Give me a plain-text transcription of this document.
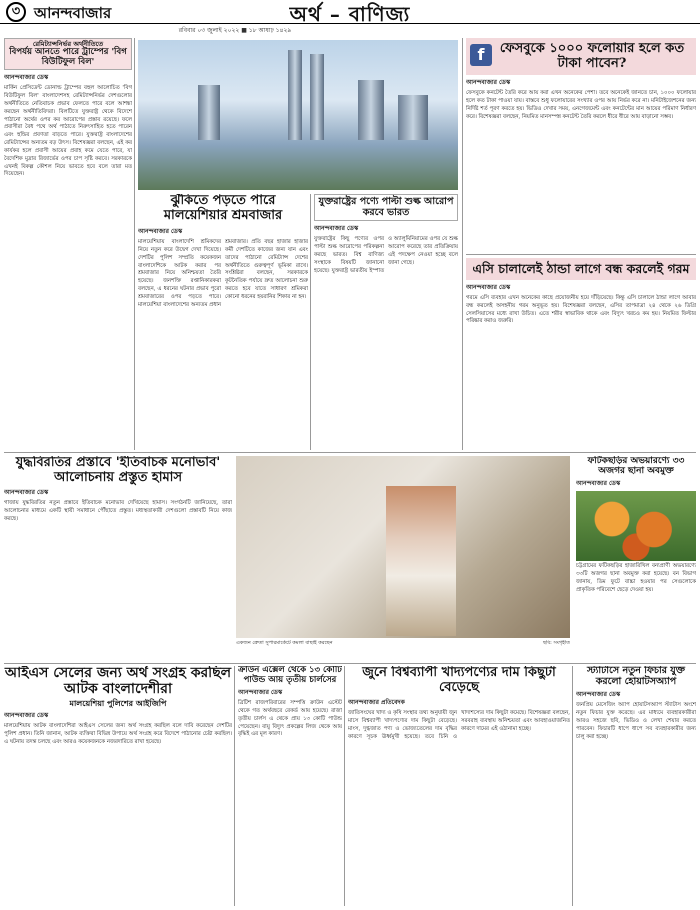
৩ আনন্দবাজার	অর্থ – বাণিজ্য
রবিবার ০৩ জুলাই ২০২২ ■ ১৮ আষাঢ় ১৪২৯
রেমিট্যান্সনির্ভর অর্থনীতিতে
বিপর্যয় আনতে পারে ট্রাম্পের 'বিগ বিউটিফুল বিল'
আনন্দবাজার ডেস্ক
মার্কিন প্রেসিডেন্ট ডোনাল্ড ট্রাম্পের বহুল আলোচিত 'বিগ বিউটিফুল বিল' বাংলাদেশসহ রেমিট্যান্সনির্ভর দেশগুলোর অর্থনীতিতে নেতিবাচক প্রভাব ফেলতে পারে বলে আশঙ্কা করছেন অর্থনীতিবিদরা। বিলটিতে যুক্তরাষ্ট্র থেকে বিদেশে পাঠানো অর্থের ওপর কর আরোপের প্রস্তাব রয়েছে। ফলে প্রবাসীরা বৈধ পথে অর্থ পাঠাতে নিরুৎসাহিত হতে পারেন এবং হুন্ডির প্রবণতা বাড়তে পারে। যুক্তরাষ্ট্র বাংলাদেশের রেমিট্যান্সের অন্যতম বড় উৎস। বিশেষজ্ঞরা বলছেন, এই কর কার্যকর হলে প্রবাসী আয়ের প্রবাহ কমে যেতে পারে, যা বৈদেশিক মুদ্রার রিজার্ভের ওপর চাপ সৃষ্টি করবে। সরকারকে এখনই বিকল্প কৌশল নিয়ে ভাবতে হবে বলে তারা মত দিয়েছেন।
ঝুঁকিতে পড়তে পারে মালয়েশিয়ার শ্রমবাজার
আনন্দবাজার ডেস্ক
মালয়েশিয়ায় বাংলাদেশি শ্রমিকদের নিয়ে নতুন করে উদ্বেগ দেখা দিয়েছে। দেশটির পুলিশ সম্প্রতি কয়েকজন বাংলাদেশিকে আটক করার পর শ্রমবাজার নিয়ে অনিশ্চয়তা তৈরি হয়েছে। জনশক্তি রপ্তানিকারকরা বলছেন, এ ধরনের ঘটনার প্রভাব পুরো শ্রমবাজারের ওপর পড়তে পারে। মালয়েশিয়া বাংলাদেশের অন্যতম প্রধান শ্রমবাজার। প্রতি বছর হাজার হাজার কর্মী দেশটিতে কাজের জন্য যান এবং তাদের পাঠানো রেমিট্যান্স দেশের অর্থনীতিতে গুরুত্বপূর্ণ ভূমিকা রাখে। সংশ্লিষ্টরা বলছেন, সরকারকে কূটনৈতিক পর্যায়ে দ্রুত আলোচনা শুরু করতে হবে যাতে সাধারণ শ্রমিকরা কোনো ধরনের হয়রানির শিকার না হন।
যুক্তরাষ্ট্রের পণ্যে পাল্টা শুল্ক আরোপ করবে ভারত
আনন্দবাজার ডেস্ক
যুক্তরাষ্ট্রের কিছু পণ্যের ওপর পাল্টা শুল্ক আরোপের পরিকল্পনা করছে ভারত। বিশ্ব বাণিজ্য সংস্থাকে বিষয়টি জানানো হয়েছে। যুক্তরাষ্ট্র ভারতীয় ইস্পাত ও অ্যালুমিনিয়ামের ওপর যে শুল্ক আরোপ করেছে তার প্রতিক্রিয়ায় এই পদক্ষেপ নেওয়া হচ্ছে বলে জানা গেছে।
f	ফেসবুকে ১০০০ ফলোয়ার হলে কত টাকা পাবেন?
আনন্দবাজার ডেস্ক
ফেসবুকে কনটেন্ট তৈরি করে আয় করা এখন অনেকের পেশা। তবে অনেকেই জানতে চান, ১০০০ ফলোয়ার হলে কত টাকা পাওয়া যায়। বাস্তবে শুধু ফলোয়ারের সংখ্যার ওপর আয় নির্ভর করে না। মনিটাইজেশনের জন্য নির্দিষ্ট শর্ত পূরণ করতে হয়। ভিডিও দেখার সময়, এনগেজমেন্ট এবং কনটেন্টের মান আয়ের পরিমাণ নির্ধারণ করে। বিশেষজ্ঞরা বলছেন, নিয়মিত মানসম্পন্ন কনটেন্ট তৈরি করলে ধীরে ধীরে আয় বাড়ানো সম্ভব।
এসি চালালেই ঠান্ডা লাগে বন্ধ করলেই গরম
আনন্দবাজার ডেস্ক
গরমে এসি ব্যবহার এখন অনেকের কাছে প্রয়োজনীয় হয়ে দাঁড়িয়েছে। কিন্তু এসি চালালে ঠান্ডা লাগে আবার বন্ধ করলেই অসহনীয় গরম অনুভূত হয়। বিশেষজ্ঞরা বলছেন, এসির তাপমাত্রা ২৪ থেকে ২৬ ডিগ্রি সেলসিয়াসের মধ্যে রাখা উচিত। এতে শরীর স্বাভাবিক থাকে এবং বিদ্যুৎ খরচও কম হয়। নিয়মিত ফিল্টার পরিষ্কার করাও জরুরি।
যুদ্ধবিরতির প্রস্তাবে 'ইতিবাচক মনোভাব' আলোচনায় প্রস্তুত হামাস
আনন্দবাজার ডেস্ক
গাজায় যুদ্ধবিরতির নতুন প্রস্তাবে ইতিবাচক মনোভাব দেখিয়েছে হামাস। সংগঠনটি জানিয়েছে, তারা আলোচনার মাধ্যমে একটি স্থায়ী সমাধানে পৌঁছাতে প্রস্তুত। মধ্যস্থতাকারী দেশগুলো প্রস্তাবটি নিয়ে কাজ করছে।
একজন ক্রেতা সুপারমার্কেটে কমলা বাছাই করছেন	ছবি: সংগৃহীত
ফটিকছড়ির অভয়ারণ্যে ৩৩ অজগর ছানা অবমুক্ত
আনন্দবাজার ডেস্ক
চট্টগ্রামের ফটিকছড়ির হাজারিখিল বন্যপ্রাণী অভয়ারণ্যে ৩৩টি অজগর ছানা অবমুক্ত করা হয়েছে। বন বিভাগ জানায়, ডিম ফুটে বাচ্চা হওয়ার পর সেগুলোকে প্রাকৃতিক পরিবেশে ছেড়ে দেওয়া হয়।
আইএস সেলের জন্য অর্থ সংগ্রহ করছিল আটক বাংলাদেশীরা
মালয়েশিয়া পুলিশের আইজিপি
আনন্দবাজার ডেস্ক
মালয়েশিয়ায় আটক বাংলাদেশিরা আইএস সেলের জন্য অর্থ সংগ্রহ করছিল বলে দাবি করেছেন দেশটির পুলিশ প্রধান। তিনি জানান, আটক ব্যক্তিরা বিভিন্ন উপায়ে অর্থ সংগ্রহ করে বিদেশে পাঠানোর চেষ্টা করছিল। এ ঘটনায় তদন্ত চলছে এবং আরও কয়েকজনকে নজরদারিতে রাখা হয়েছে।
ক্রাউন এক্সেল থেকে ১৩ কোটি পাউন্ড আয় তৃতীয় চার্লসের
আনন্দবাজার ডেস্ক
ব্রিটিশ রাজপরিবারের সম্পত্তি ক্রাউন এস্টেট থেকে গত অর্থবছরে রেকর্ড আয় হয়েছে। রাজা তৃতীয় চার্লস এ থেকে প্রায় ১৩ কোটি পাউন্ড পেয়েছেন। বায়ু বিদ্যুৎ প্রকল্পের লিজ থেকে আয় বৃদ্ধিই এর মূল কারণ।
জুনে বিশ্বব্যাপী খাদ্যপণ্যের দাম কিছুটা বেড়েছে
আনন্দবাজার প্রতিবেদক
জাতিসংঘের খাদ্য ও কৃষি সংস্থার তথ্য অনুযায়ী জুন মাসে বিশ্বব্যাপী খাদ্যপণ্যের দাম কিছুটা বেড়েছে। মাংস, দুগ্ধজাত পণ্য ও ভোজ্যতেলের দাম বৃদ্ধির কারণে সূচক ঊর্ধ্বমুখী হয়েছে। তবে চিনি ও খাদ্যশস্যের দাম কিছুটা কমেছে। বিশেষজ্ঞরা বলছেন, সরবরাহ ব্যবস্থায় অনিশ্চয়তা এবং আবহাওয়াজনিত কারণে দামের এই ওঠানামা হচ্ছে।
স্ট্যাটাসে নতুন ফিচার যুক্ত করলো হোয়াটসঅ্যাপ
আনন্দবাজার ডেস্ক
জনপ্রিয় মেসেজিং অ্যাপ হোয়াটসঅ্যাপ স্ট্যাটাস অংশে নতুন ফিচার যুক্ত করেছে। এর মাধ্যমে ব্যবহারকারীরা আরও সহজে ছবি, ভিডিও ও লেখা শেয়ার করতে পারবেন। ফিচারটি ধাপে ধাপে সব ব্যবহারকারীর জন্য চালু করা হচ্ছে।
